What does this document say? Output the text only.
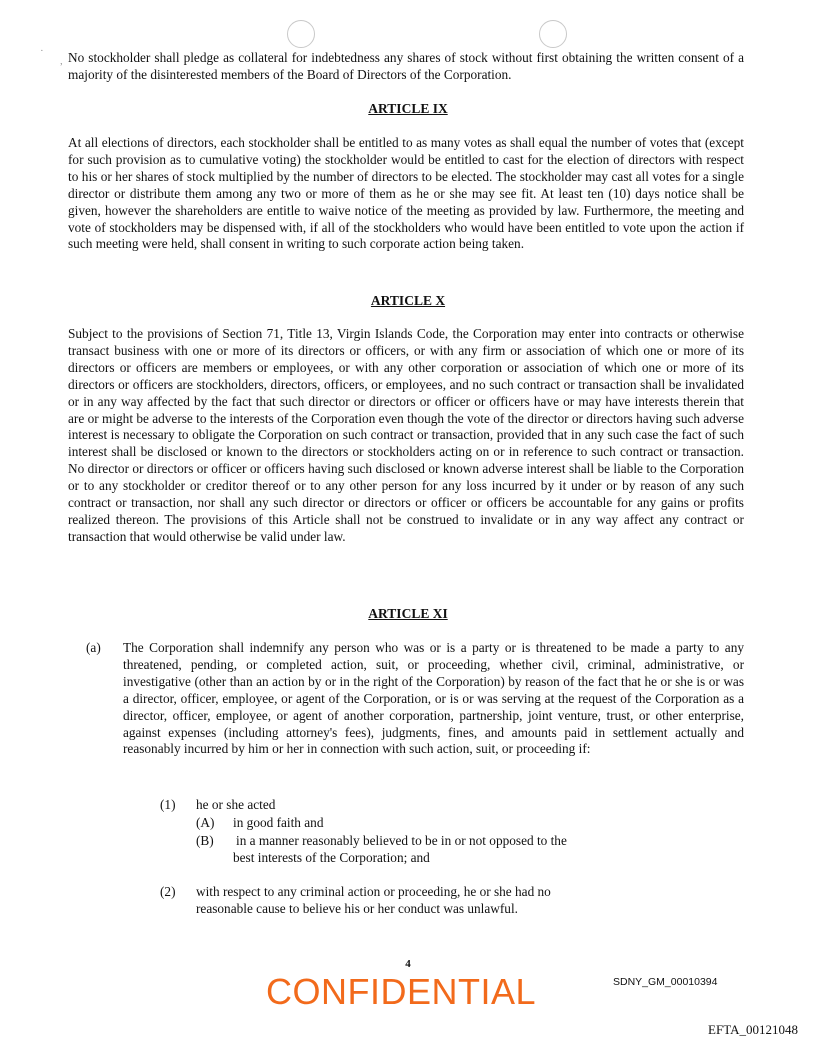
·
, No stockholder shall pledge as collateral for indebtedness any shares of stock without first obtaining the written consent of a majority of the disinterested members of the Board of Directors of the Corporation.

ARTICLE IX

At all elections of directors, each stockholder shall be entitled to as many votes as shall equal the number of votes that (except for such provision as to cumulative voting) the stockholder would be entitled to cast for the election of directors with respect to his or her shares of stock multiplied by the number of directors to be elected. The stockholder may cast all votes for a single director or distribute them among any two or more of them as he or she may see fit. At least ten (10) days notice shall be given, however the shareholders are entitle to waive notice of the meeting as provided by law. Furthermore, the meeting and vote of stockholders may be dispensed with, if all of the stockholders who would have been entitled to vote upon the action if such meeting were held, shall consent in writing to such corporate action being taken.

ARTICLE X

Subject to the provisions of Section 71, Title 13, Virgin Islands Code, the Corporation may enter into contracts or otherwise transact business with one or more of its directors or officers, or with any firm or association of which one or more of its directors or officers are members or employees, or with any other corporation or association of which one or more of its directors or officers are stockholders, directors, officers, or employees, and no such contract or transaction shall be invalidated or in any way affected by the fact that such director or directors or officer or officers have or may have interests therein that are or might be adverse to the interests of the Corporation even though the vote of the director or directors having such adverse interest is necessary to obligate the Corporation on such contract or transaction, provided that in any such case the fact of such interest shall be disclosed or known to the directors or stockholders acting on or in reference to such contract or transaction. No director or directors or officer or officers having such disclosed or known adverse interest shall be liable to the Corporation or to any stockholder or creditor thereof or to any other person for any loss incurred by it under or by reason of any such contract or transaction, nor shall any such director or directors or officer or officers be accountable for any gains or profits realized thereon. The provisions of this Article shall not be construed to invalidate or in any way affect any contract or transaction that would otherwise be valid under law.

ARTICLE XI
(a) The Corporation shall indemnify any person who was or is a party or is threatened to be made a party to any threatened, pending, or completed action, suit, or proceeding, whether civil, criminal, administrative, or investigative (other than an action by or in the right of the Corporation) by reason of the fact that he or she is or was a director, officer, employee, or agent of the Corporation, or is or was serving at the request of the Corporation as a director, officer, employee, or agent of another corporation, partnership, joint venture, trust, or other enterprise, against expenses (including attorney's fees), judgments, fines, and amounts paid in settlement actually and reasonably incurred by him or her in connection with such action, suit, or proceeding if:

(1) he or she acted
(A) in good faith and
(B) in a manner reasonably believed to be in or not opposed to the
best interests of the Corporation; and
(2) with respect to any criminal action or proceeding, he or she had no
reasonable cause to believe his or her conduct was unlawful.
4
SDNY_GM_00010394
CONFIDENTIAL
EFTA_00121048
